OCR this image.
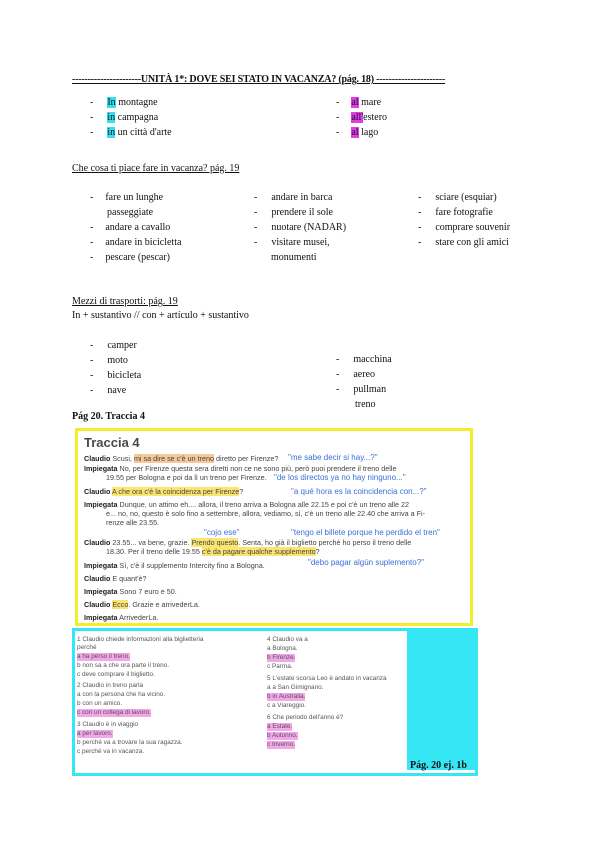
----------------------UNITÀ 1*: DOVE SEI STATO IN VACANZA? (pág. 18) ----------------------
- In montagne
- in campagna
- in un città d'arte
- al mare
- all'estero
- al lago
Che cosa ti piace fare in vacanza? pág. 19
- fare un lunghe
passeggiate
- andare a cavallo
- andare in bicicletta
- pescare (pescar)
- andare in barca
- prendere il sole
- nuotare (NADAR)
- visitare musei,
monumenti
- sciare (esquiar)
- fare fotografie
- comprare souvenir
- stare con gli amici
Mezzi di trasporti: pág. 19
In + sustantivo // con + artículo + sustantivo
- camper
- moto
- bicicleta
- nave
- macchina
- aereo
- pullman
treno
Pág 20. Traccia 4
Traccia 4
Claudio Scusi, mi sa dire se c'è un treno diretto per Firenze?
Impiegata No, per Firenze questa sera diretti non ce ne sono più, però puoi prendere il treno delle
19.55 per Bologna e poi da lì un treno per Firenze.
Claudio A che ora c'è la coincidenza per Firenze?
Impiegata Dunque, un attimo eh.... allora, il treno arriva a Bologna alle 22.15 e poi c'è un treno alle 22
e... no, no, questo è solo fino a settembre, allora, vediamo, sì, c'è un treno alle 22.40 che arriva a Fi-
renze alle 23.55.
Claudio 23.55... va bene, grazie. Prendo questo. Senta, ho già il biglietto perché ho perso il treno delle
18.30. Per il treno delle 19.55 c'è da pagare qualche supplemento?
Impiegata Sì, c'è il supplemento Intercity fino a Bologna.
Claudio E quant'è?
Impiegata Sono 7 euro e 50.
Claudio Ecco. Grazie e arrivederLa.
Impiegata ArrivederLa.
"me sabe decir si hay...?"
"de los directos ya no hay ninguno..."
"a qué hora es la coincidencia con...?"
"cojo ese"	"tengo el billete porque he perdido el tren"
"debo pagar algún suplemento?"
1 Claudio chiede informazioni alla biglietteria
perché
a ha perso il treno.
b non sa a che ora parte il treno.
c deve comprare il biglietto.
2 Claudio in treno parla
a con la persona che ha vicino.
b con un amico.
c con un collega di lavoro.
3 Claudio è in viaggio
a per lavoro.
b perché va a trovare la sua ragazza.
c perché va in vacanza.
4 Claudio va a
a Bologna.
b Firenze.
c Parma.
5 L'estate scorsa Leo è andato in vacanza
a a San Gimignano.
b in Australia.
c a Viareggio.
6 Che periodo dell'anno è?
a Estate.
b Autunno.
c Inverno.
Pág. 20 ej. 1b
